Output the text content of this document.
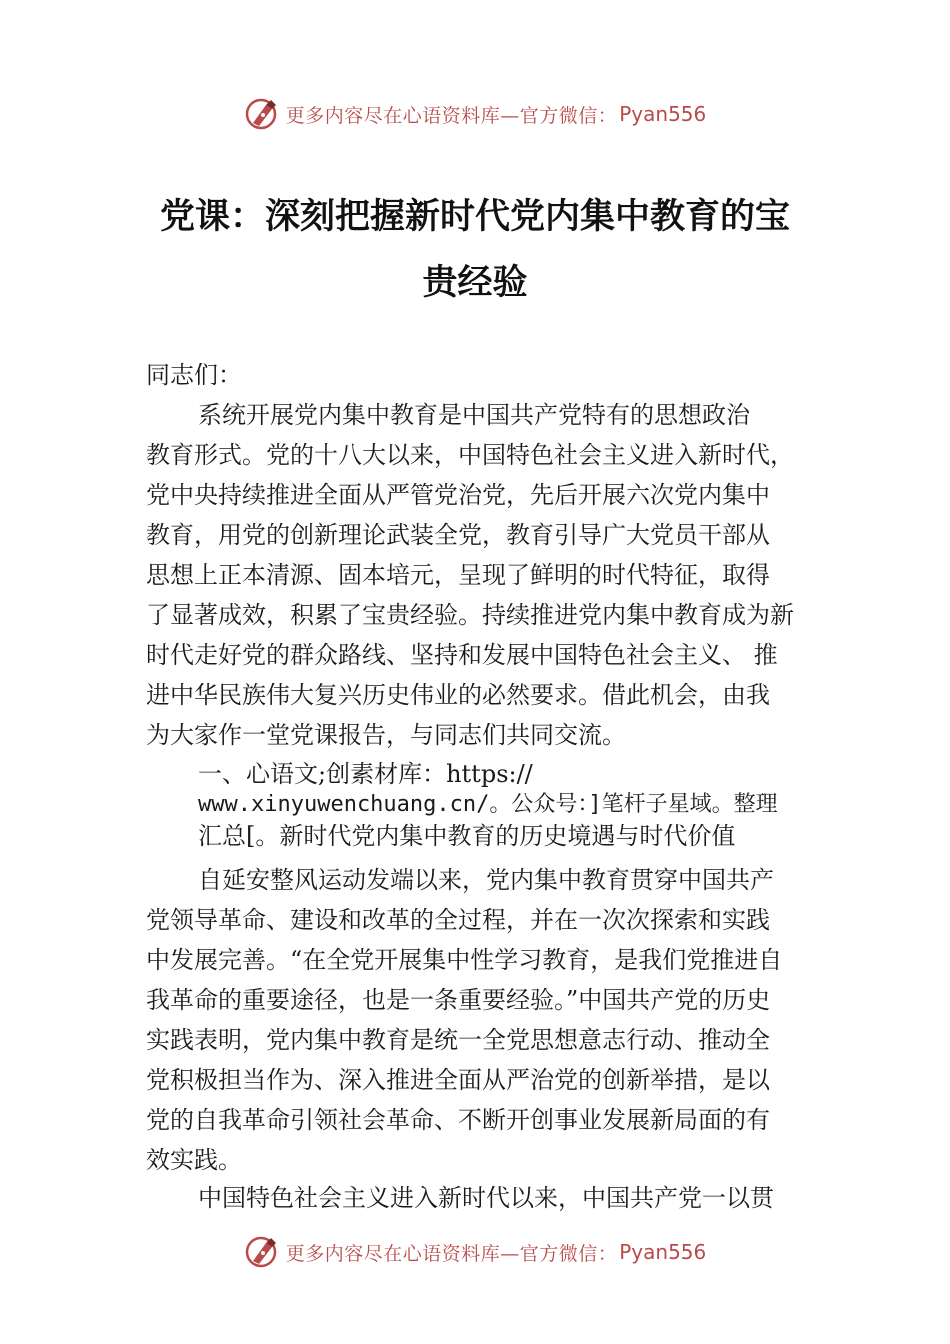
更多内容尽在心语资料库—官方微信： Pyan556
党课：深刻把握新时代党内集中教育的宝
贵经验

同志们：

系统开展党内集中教育是中国共产党特有的思想政治

教育形式。党的十八大以来，中国特色社会主义进入新时代，

党中央持续推进全面从严管党治党，先后开展六次党内集中

教育，用党的创新理论武装全党，教育引导广大党员干部从

思想上正本清源、固本培元，呈现了鲜明的时代特征，取得

了显著成效，积累了宝贵经验。持续推进党内集中教育成为新

时代走好党的群众路线、坚持和发展中国特色社会主义、 推

进中华民族伟大复兴历史伟业的必然要求。借此机会，由我

为大家作一堂党课报告，与同志们共同交流。

一、心语文;创素材库：https://

www.xinyuwenchuang.cn/。公众号：]笔杆子星域。整理

汇总[。新时代党内集中教育的历史境遇与时代价值

自延安整风运动发端以来，党内集中教育贯穿中国共产

党领导革命、建设和改革的全过程，并在一次次探索和实践

中发展完善。“在全党开展集中性学习教育，是我们党推进自

我革命的重要途径，也是一条重要经验。”中国共产党的历史

实践表明，党内集中教育是统一全党思想意志行动、推动全

党积极担当作为、深入推进全面从严治党的创新举措，是以

党的自我革命引领社会革命、不断开创事业发展新局面的有

效实践。

中国特色社会主义进入新时代以来，中国共产党一以贯

更多内容尽在心语资料库—官方微信： Pyan556
